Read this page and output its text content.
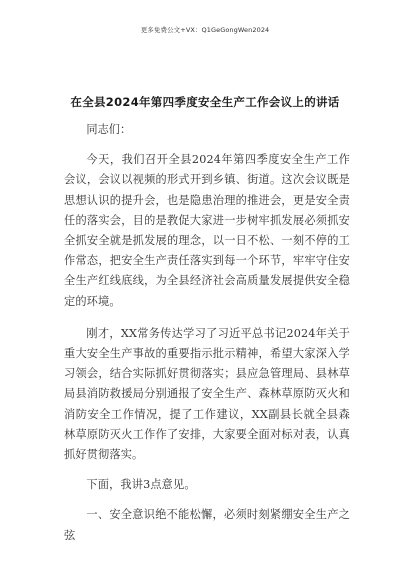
更多免费公文+VX：Q1GeGongWen2024
在全县2024年第四季度安全生产工作会议上的讲话

同志们：

今天，我们召开全县2024年第四季度安全生产工作会议，会议以视频的形式开到乡镇、街道。这次会议既是思想认识的提升会，也是隐患治理的推进会，更是安全责任的落实会，目的是教促大家进一步树牢抓发展必须抓安全抓安全就是抓发展的理念，以一日不松、一刻不停的工作常态，把安全生产责任落实到每一个环节，牢牢守住安全生产红线底线，为全县经济社会高质量发展提供安全稳定的环境。

刚才，XX常务传达学习了习近平总书记2024年关于重大安全生产事故的重要指示批示精神，希望大家深入学习领会，结合实际抓好贯彻落实；县应急管理局、县林草局县消防救援局分别通报了安全生产、森林草原防灭火和消防安全工作情况，提了工作建议，XX副县长就全县森林草原防灭火工作作了安排，大家要全面对标对表，认真抓好贯彻落实。

下面，我讲3点意见。

一、安全意识绝不能松懈，必须时刻紧绷安全生产之弦
